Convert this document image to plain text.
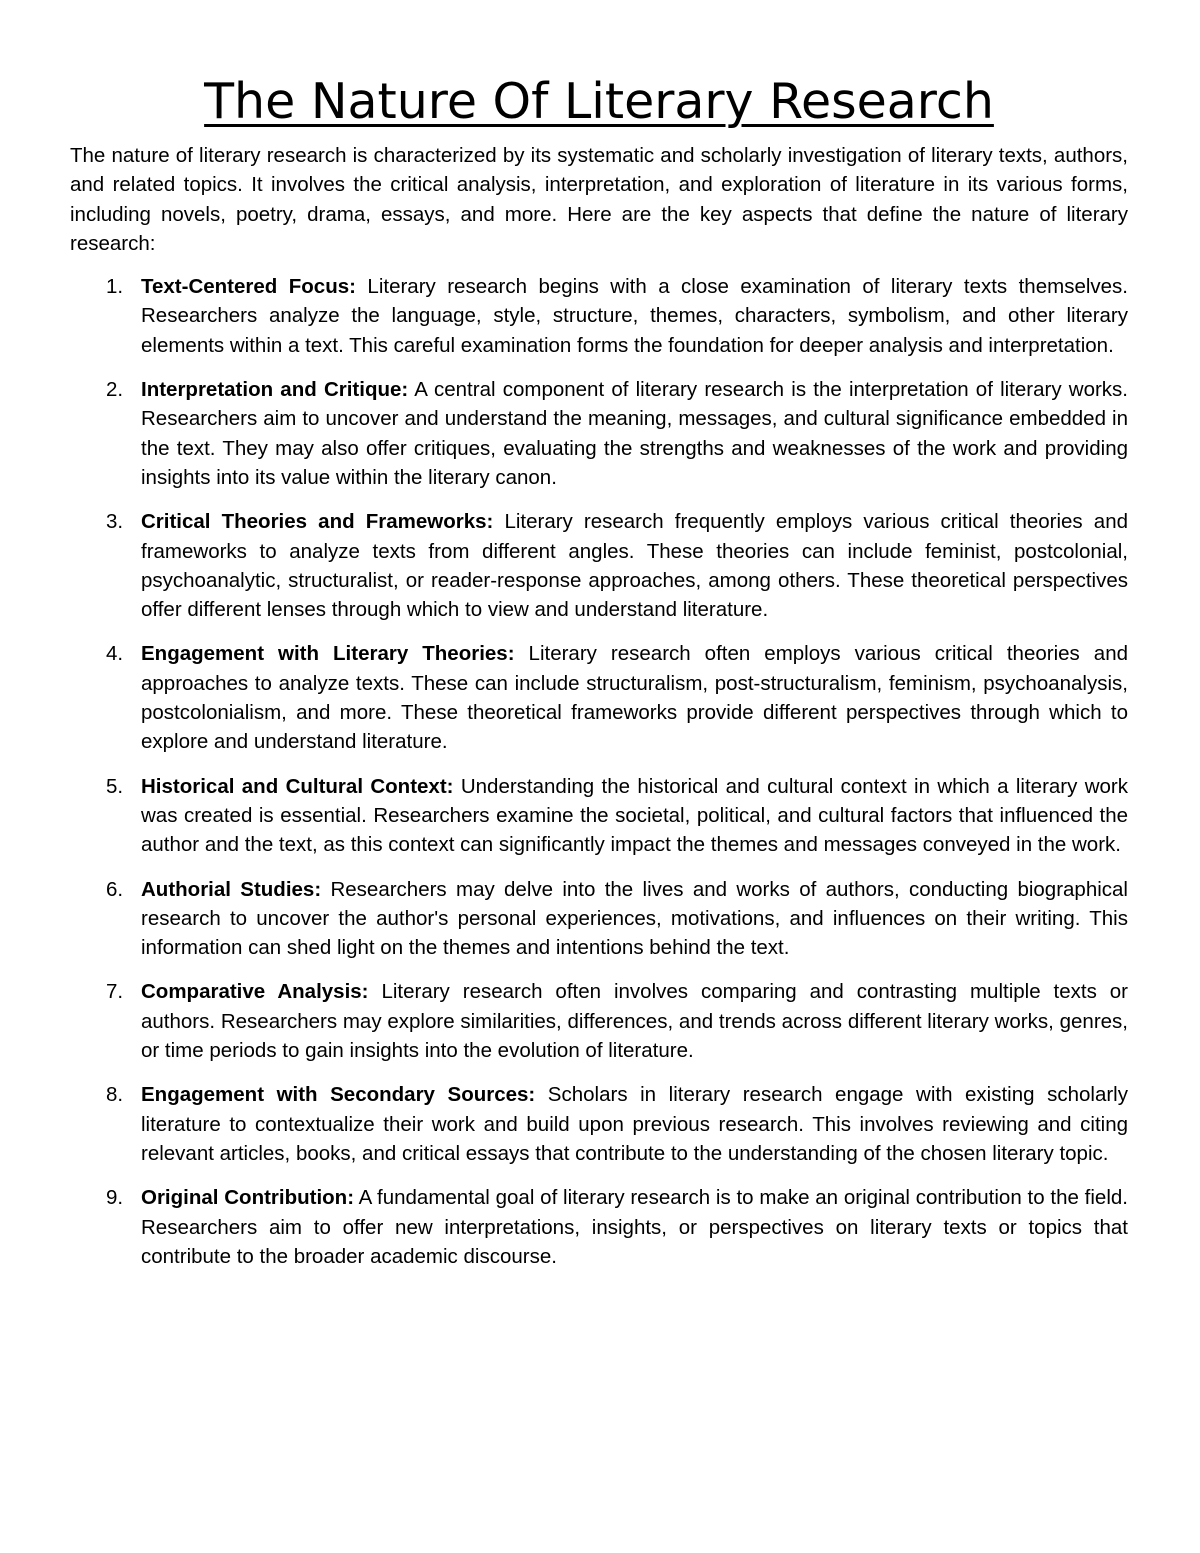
The Nature Of Literary Research

The nature of literary research is characterized by its systematic and scholarly investigation of literary texts, authors, and related topics. It involves the critical analysis, interpretation, and exploration of literature in its various forms, including novels, poetry, drama, essays, and more. Here are the key aspects that define the nature of literary research:

1. Text-Centered Focus: Literary research begins with a close examination of literary texts themselves. Researchers analyze the language, style, structure, themes, characters, symbolism, and other literary elements within a text. This careful examination forms the foundation for deeper analysis and interpretation.
2. Interpretation and Critique: A central component of literary research is the interpretation of literary works. Researchers aim to uncover and understand the meaning, messages, and cultural significance embedded in the text. They may also offer critiques, evaluating the strengths and weaknesses of the work and providing insights into its value within the literary canon.
3. Critical Theories and Frameworks: Literary research frequently employs various critical theories and frameworks to analyze texts from different angles. These theories can include feminist, postcolonial, psychoanalytic, structuralist, or reader-response approaches, among others. These theoretical perspectives offer different lenses through which to view and understand literature.
4. Engagement with Literary Theories: Literary research often employs various critical theories and approaches to analyze texts. These can include structuralism, post-structuralism, feminism, psychoanalysis, postcolonialism, and more. These theoretical frameworks provide different perspectives through which to explore and understand literature.
5. Historical and Cultural Context: Understanding the historical and cultural context in which a literary work was created is essential. Researchers examine the societal, political, and cultural factors that influenced the author and the text, as this context can significantly impact the themes and messages conveyed in the work.
6. Authorial Studies: Researchers may delve into the lives and works of authors, conducting biographical research to uncover the author's personal experiences, motivations, and influences on their writing. This information can shed light on the themes and intentions behind the text.
7. Comparative Analysis: Literary research often involves comparing and contrasting multiple texts or authors. Researchers may explore similarities, differences, and trends across different literary works, genres, or time periods to gain insights into the evolution of literature.
8. Engagement with Secondary Sources: Scholars in literary research engage with existing scholarly literature to contextualize their work and build upon previous research. This involves reviewing and citing relevant articles, books, and critical essays that contribute to the understanding of the chosen literary topic.
9. Original Contribution: A fundamental goal of literary research is to make an original contribution to the field. Researchers aim to offer new interpretations, insights, or perspectives on literary texts or topics that contribute to the broader academic discourse.
